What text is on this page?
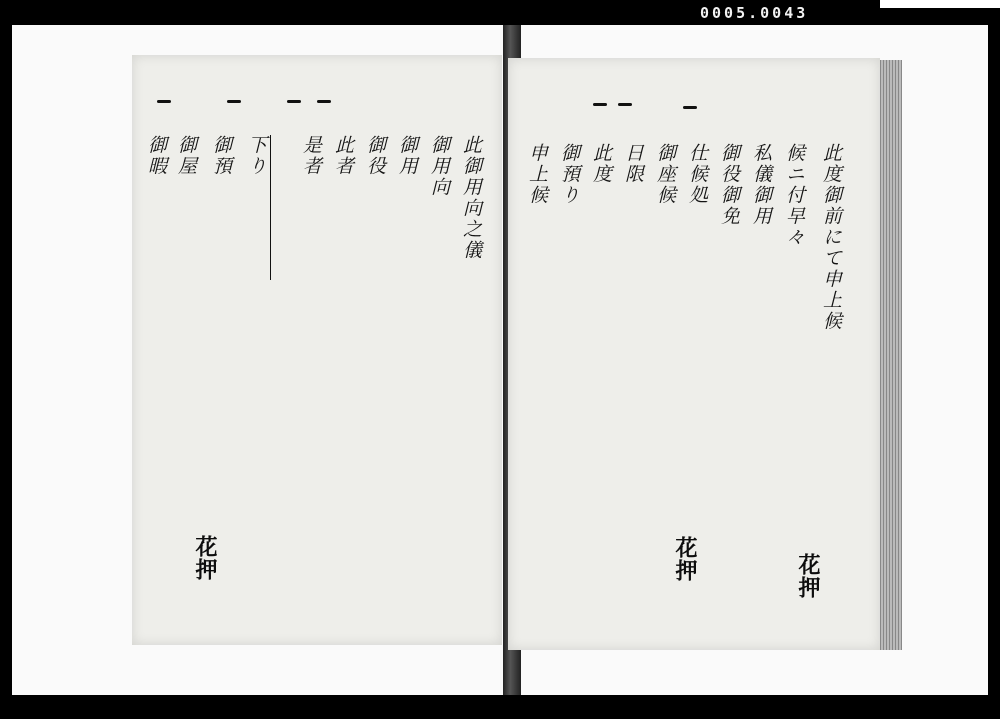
0005.0043
此御用向之儀
御用向
御用
御役
此者
是者
下り
御預
御屋
御暇
花押
此度御前にて申上候
候ニ付早々
私儀御用
御役御免
仕候処
御座候
日限
此度
御預り
申上候
花押
花押
